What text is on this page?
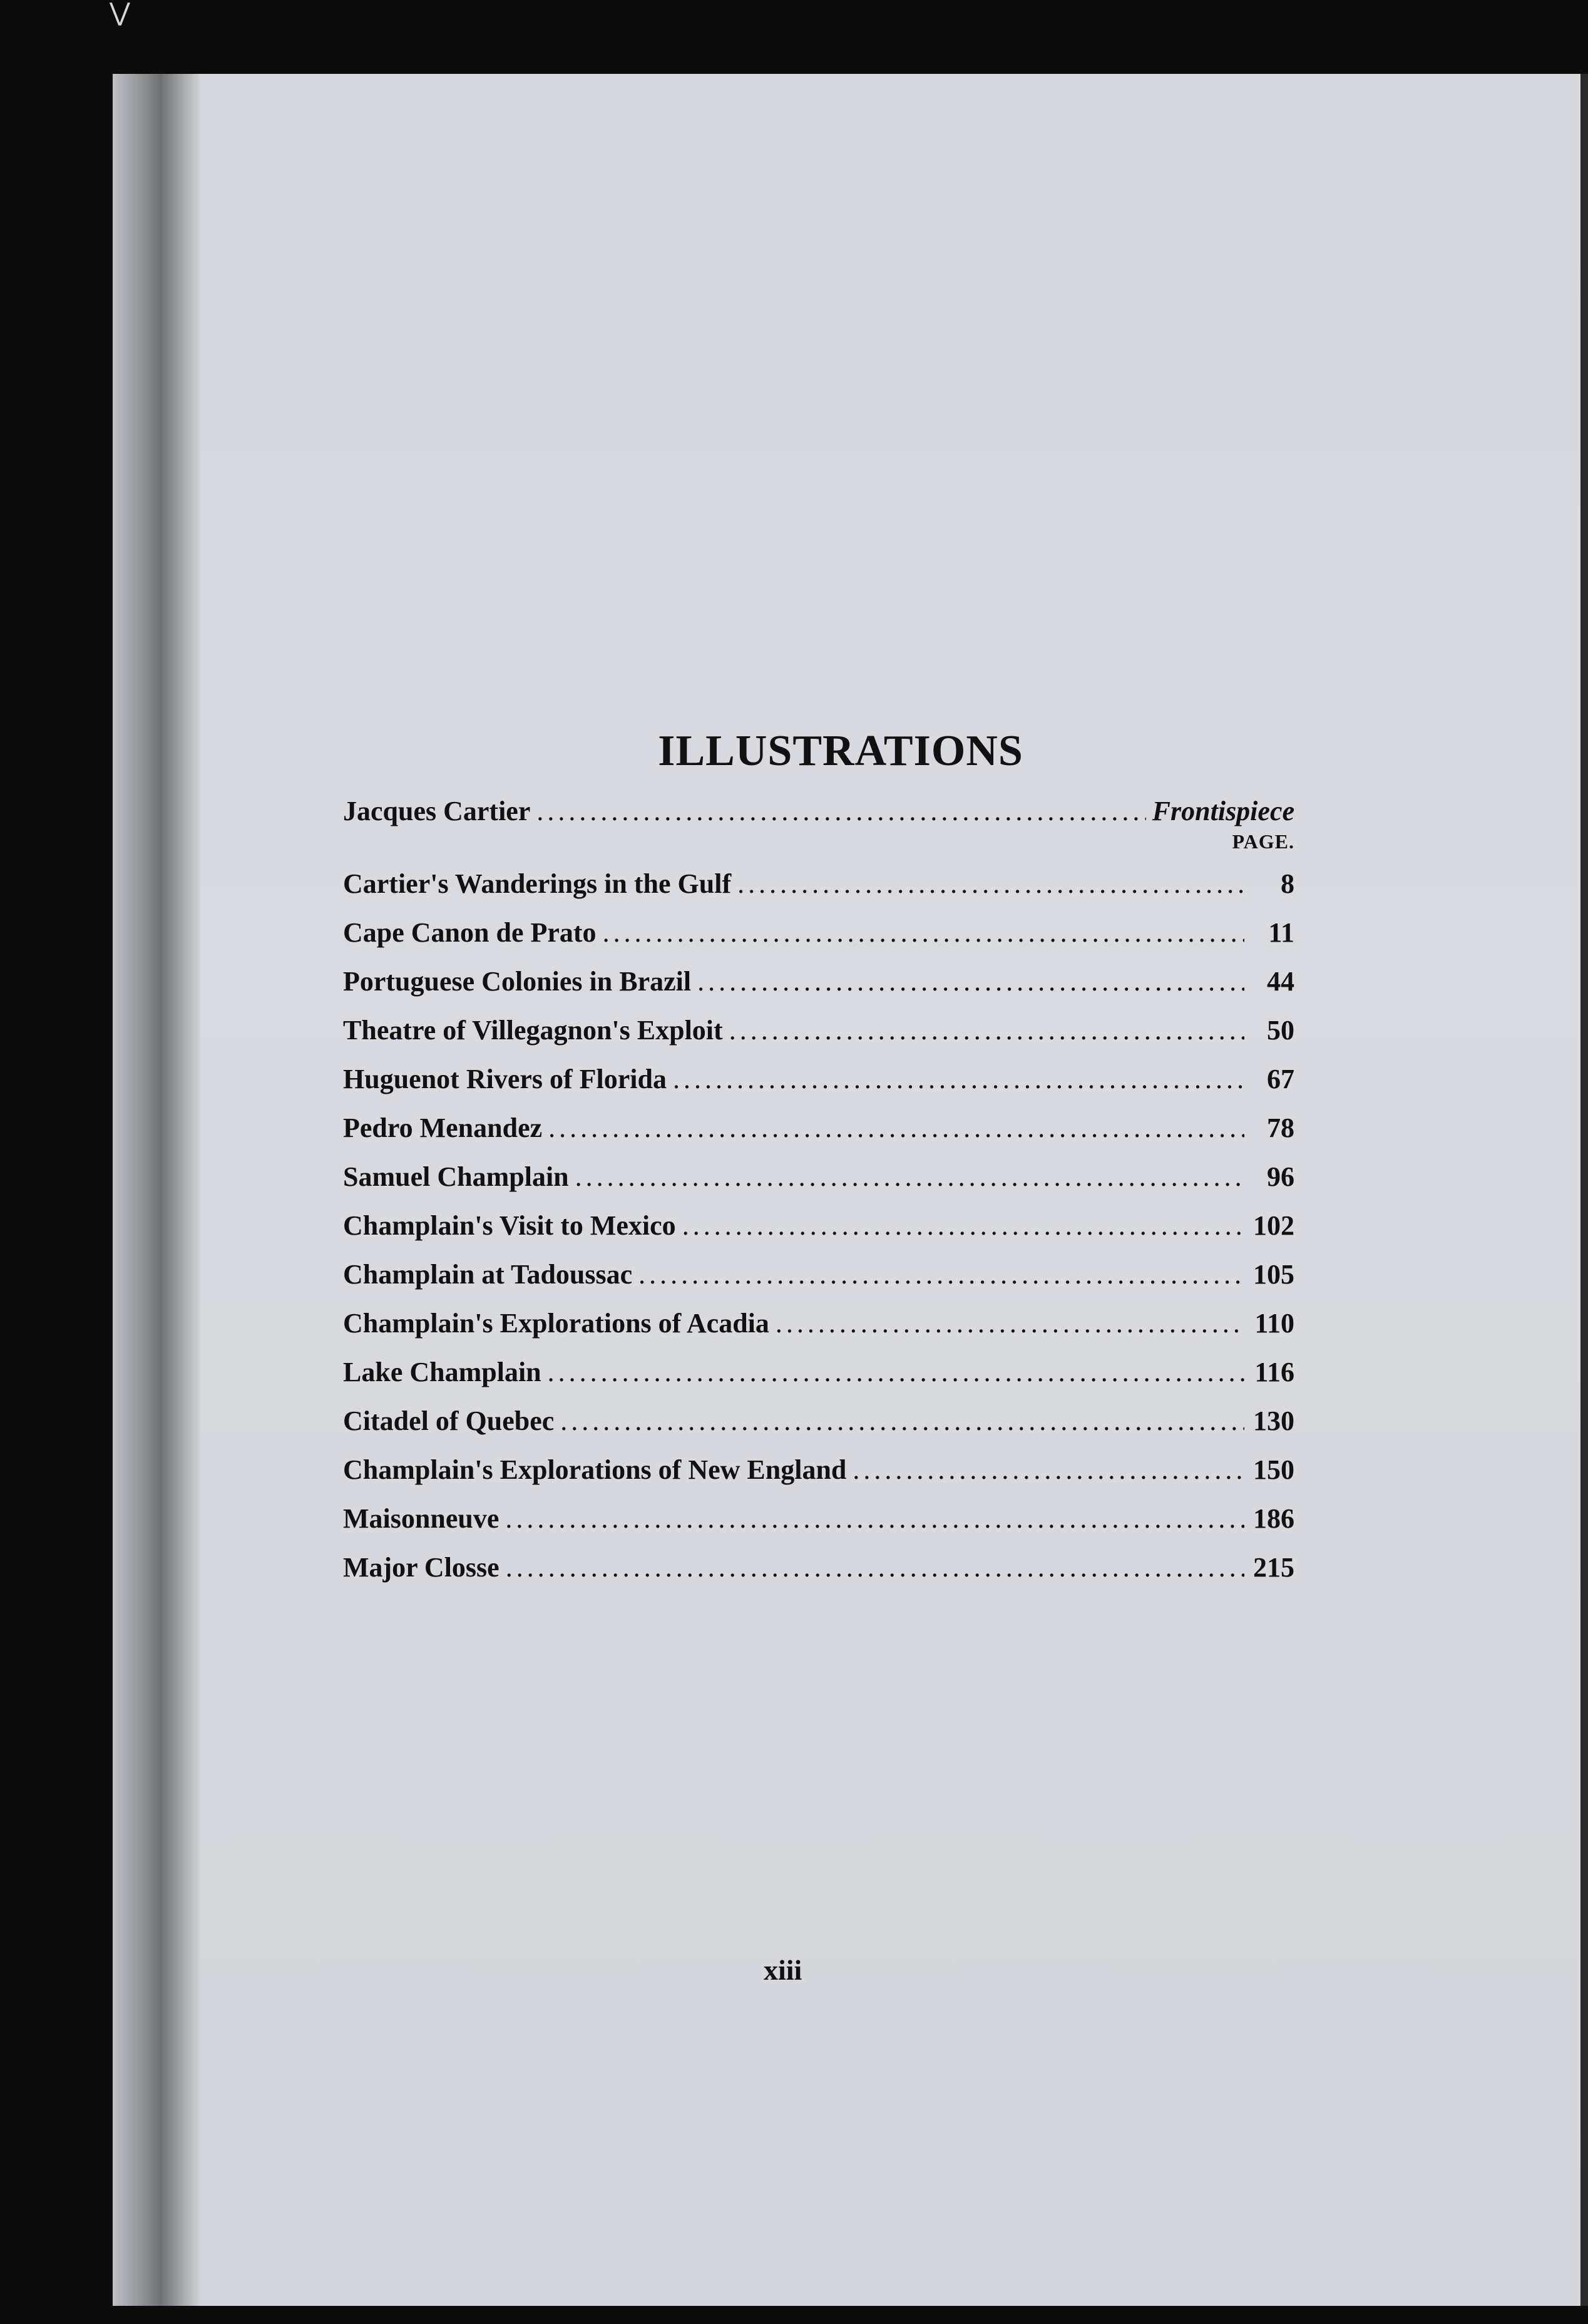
⋁
ILLUSTRATIONS
Jacques Cartier .....	Frontispiece
PAGE.
Cartier's Wanderings in the Gulf .....	8
Cape Canon de Prato .....	11
Portuguese Colonies in Brazil .....	44
Theatre of Villegagnon's Exploit .....	50
Huguenot Rivers of Florida .....	67
Pedro Menandez .....	78
Samuel Champlain .....	96
Champlain's Visit to Mexico .....	102
Champlain at Tadoussac .....	105
Champlain's Explorations of Acadia .....	110
Lake Champlain .....	116
Citadel of Quebec .....	130
Champlain's Explorations of New England .....	150
Maisonneuve .....	186
Major Closse .....	215
xiii
